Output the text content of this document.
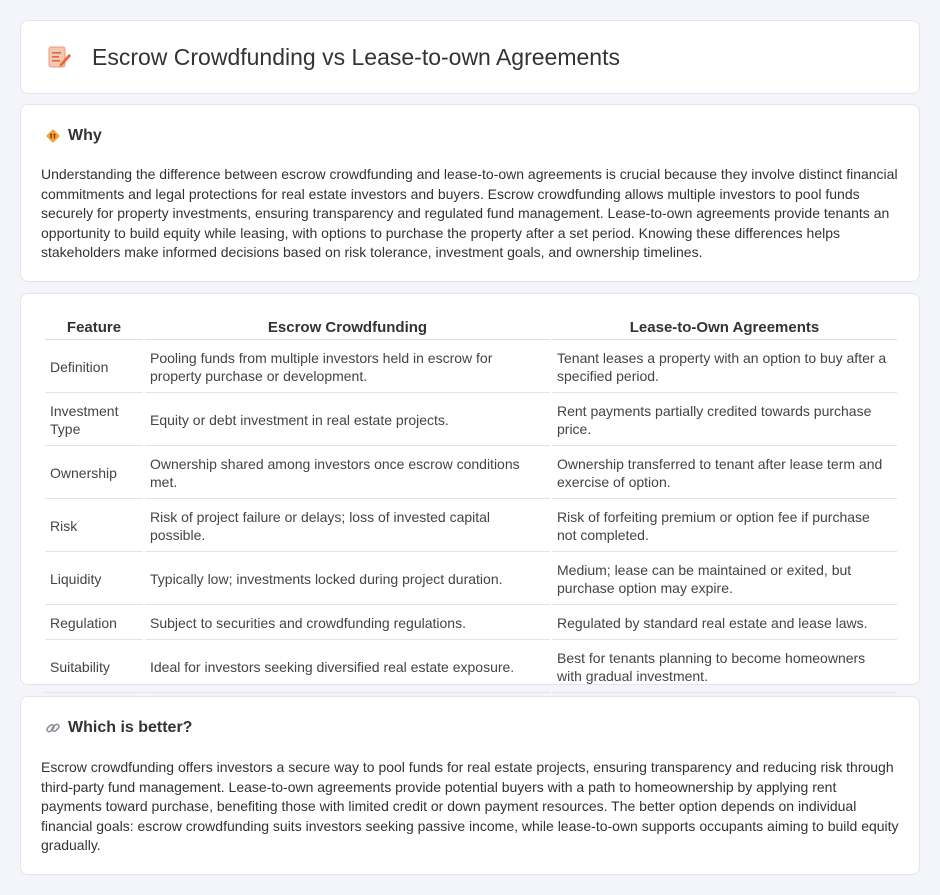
Escrow Crowdfunding vs Lease-to-own Agreements
Why

Understanding the difference between escrow crowdfunding and lease-to-own agreements is crucial because they involve distinct financial commitments and legal protections for real estate investors and buyers. Escrow crowdfunding allows multiple investors to pool funds securely for property investments, ensuring transparency and regulated fund management. Lease-to-own agreements provide tenants an opportunity to build equity while leasing, with options to purchase the property after a set period. Knowing these differences helps stakeholders make informed decisions based on risk tolerance, investment goals, and ownership timelines.

Feature	Escrow Crowdfunding	Lease-to-Own Agreements
Definition	Pooling funds from multiple investors held in escrow for property purchase or development.	Tenant leases a property with an option to buy after a specified period.
Investment Type	Equity or debt investment in real estate projects.	Rent payments partially credited towards purchase price.
Ownership	Ownership shared among investors once escrow conditions met.	Ownership transferred to tenant after lease term and exercise of option.
Risk	Risk of project failure or delays; loss of invested capital possible.	Risk of forfeiting premium or option fee if purchase not completed.
Liquidity	Typically low; investments locked during project duration.	Medium; lease can be maintained or exited, but purchase option may expire.
Regulation	Subject to securities and crowdfunding regulations.	Regulated by standard real estate and lease laws.
Suitability	Ideal for investors seeking diversified real estate exposure.	Best for tenants planning to become homeowners with gradual investment.
Which is better?

Escrow crowdfunding offers investors a secure way to pool funds for real estate projects, ensuring transparency and reducing risk through third-party fund management. Lease-to-own agreements provide potential buyers with a path to homeownership by applying rent payments toward purchase, benefiting those with limited credit or down payment resources. The better option depends on individual financial goals: escrow crowdfunding suits investors seeking passive income, while lease-to-own supports occupants aiming to build equity gradually.
